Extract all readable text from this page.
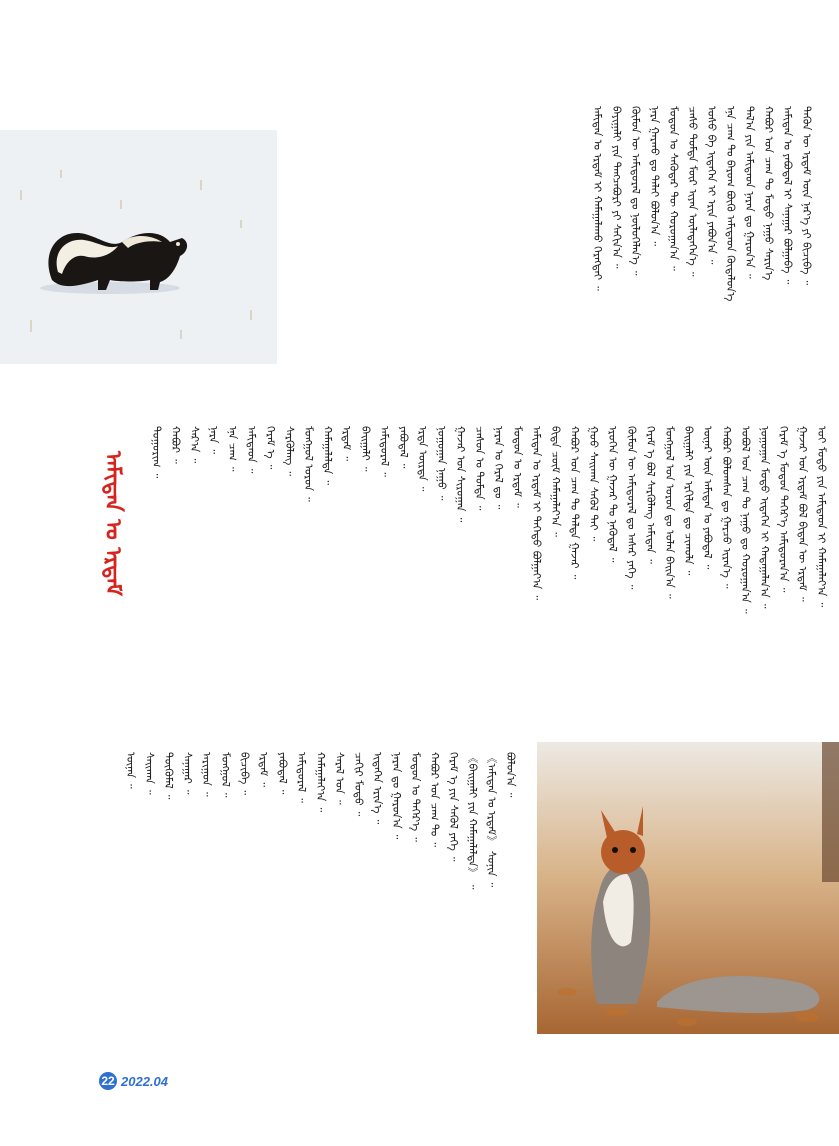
ᠲᠡᠭᠦᠨ ᠦ ᠡᠷᠳᠡᠮ ᠦᠨ ᠨᠡᠷ᠎ᠡ ᠶᠢ ᠪᠢᠴᠢᠪᠡ ᠃
ᠠᠮᠢᠲᠠᠨ ᠤ ᠶᠠᠪᠤᠳᠠᠯ ᠢ ᠰᠠᠨᠠᠭᠠᠷ ᠪᠣᠯᠭᠠᠪᠠ ᠃
ᠬᠠᠪᠤᠷ ᠤᠨ ᠴᠠᠭ ᠲᠤ ᠮᠣᠳᠤ ᠨᠠᠭᠤ ᠰᠡᠷᠢᠨ᠎ᠡ
ᠲᠠᠯ᠎ᠠ ᠶᠢᠨ ᠠᠮᠢᠲᠠᠳ ᠨᠠᠷᠠᠨ ᠳᠤ ᠭᠠᠷᠤᠨ᠎ᠠ ᠃
ᠡᠨᠡ ᠴᠠᠭ ᠲᠤ ᠪᠠᠷᠤᠭ ᠪᠦᠬᠦ ᠠᠮᠢᠲᠠᠳ ᠬᠦᠳᠡᠯᠦᠨ᠎ᠡ
ᠤᠰᠤ ᠪᠠ ᠢᠳᠡᠭᠡᠨ ᠢ ᠡᠷᠢᠨ ᠶᠠᠪᠤᠨ᠎ᠠ ᠃
ᠴᠠᠰᠤ ᠳᠤᠮᠳᠠ ᠮᠥᠷ ᠢᠶᠡᠨ ᠦᠯᠡᠳᠡᠭᠡᠨ᠎ᠡ ᠃
ᠮᠣᠳᠤᠨ ᠤ ᠰᠡᠭᠦᠳᠡᠷ ᠲᠦ ᠬᠣᠷᠣᠭᠠᠨ᠎ᠠ ᠃
ᠨᠠᠷᠠ ᠭᠠᠷᠬᠤ ᠳᠤ ᠳᠠᠯᠠᠢ ᠪᠣᠯᠤᠨ᠎ᠠ ᠃
ᠬᠦᠮᠦᠨ ᠦ ᠠᠮᠢᠳᠤᠷᠠᠯ ᠳᠤ ᠨᠥᠯᠦᠭᠡᠯᠡᠨ᠎ᠡ ᠃
ᠪᠠᠶᠢᠭᠠᠯᠢ ᠶᠢᠨ ᠲᠡᠩᠴᠡᠪᠦᠷᠢ ᠶᠢ ᠰᠠᠬᠢᠨ᠎ᠠ ᠃
ᠠᠮᠢᠲᠠᠨ ᠤ ᠡᠷᠲᠡᠮ ᠢ ᠬᠠᠮᠠᠭᠠᠯᠠᠬᠤ ᠬᠡᠷᠡᠭᠲᠡᠢ ᠃
ᠠᠮᠢᠲᠠᠨ ᠤ ᠡᠷᠲᠡᠮ	ᠣᠢ ᠮᠣᠳᠤ ᠶᠢᠨ ᠠᠮᠢᠲᠠᠳ ᠢ ᠬᠠᠮᠠᠭᠠᠯᠠᠶ᠎ᠠ ᠃
ᠭᠠᠵᠠᠷ ᠤᠨ ᠡᠷᠲᠡᠮ ᠪᠣᠯ ᠪᠢᠳᠡᠨ ᠦ ᠡᠷᠲᠡᠮ ᠃
ᠬᠡᠷᠡᠮ ᠡ ᠮᠣᠳᠤᠨ ᠳᠡᠭᠡᠷ᠎ᠡ ᠠᠮᠢᠳᠤᠷᠠᠨ᠎ᠠ ᠃
ᠨᠣᠭᠤᠭᠠᠨ ᠮᠣᠳᠤ ᠢᠳᠡᠭᠡᠨ ᠢ ᠬᠠᠳᠠᠭᠠᠯᠠᠨ᠎ᠠ ᠃
ᠤᠪᠤᠯ ᠤᠨ ᠴᠠᠭ ᠲᠤ ᠨᠠᠭᠤ ᠳᠤ ᠬᠣᠷᠣᠭᠠᠨ᠎ᠠ ᠃
ᠬᠠᠪᠤᠷ ᠪᠣᠯᠤᠭᠰᠠᠨ ᠳᠤ ᠭᠠᠷᠴᠤ ᠢᠷᠡᠨ᠎ᠡ ᠃
ᠦᠨᠡᠷ ᠦᠨ ᠠᠮᠢᠲᠠᠨ ᠤ ᠶᠠᠪᠤᠳᠠᠯ ᠃
ᠪᠠᠢᠭᠠᠯᠢ ᠶᠢᠨ ᠡᠷᠭᠢᠯᠲᠡ ᠳᠤ ᠴᠢᠬᠤᠯᠠ ᠃
ᠮᠣᠩᠭᠣᠯ ᠤᠨ ᠣᠷᠣᠨ ᠳᠤ ᠣᠯᠠᠨ ᠪᠠᠢᠨ᠎ᠠ ᠃
ᠬᠡᠷᠡᠮ ᠡ ᠪᠣᠯ ᠰᠡᠷᠭᠦᠯᠡᠩ ᠠᠮᠢᠲᠠᠨ ᠃
ᠬᠦᠮᠦᠨ ᠦ ᠠᠮᠢᠳᠤᠷᠠᠯ ᠳᠤ ᠠᠰᠠᠷ ᠶᠡᠬᠡ ᠃
ᠡᠷᠦᠬᠡᠨ ᠦ ᠭᠠᠵᠠᠷ ᠲᠤ ᠨᠡᠭᠦᠳᠡᠯ ᠃
ᠭᠣᠣ ᠰᠠᠢᠬᠠᠨ ᠰᠡᠭᠦᠯ ᠲᠡᠢ ᠃
ᠬᠠᠪᠤᠷ ᠤᠨ ᠴᠠᠭ ᠲᠤ ᠳᠠᠯᠳᠠ ᠭᠠᠵᠠᠷ ᠃
ᠪᠢᠳᠡ ᠴᠦᠮ ᠬᠠᠮᠠᠭᠠᠯᠠᠶ᠎ᠠ ᠃
ᠠᠮᠢᠲᠠᠨ ᠤ ᠡᠷᠲᠡᠮ ᠢ ᠳᠡᠭᠡᠳᠦ ᠪᠣᠯᠭᠠᠶ᠎ᠠ ᠃
ᠮᠣᠳᠤᠨ ᠤ ᠡᠷᠲᠡᠮ ᠃
ᠨᠠᠷᠠᠨ ᠤ ᠭᠡᠷᠡᠯ ᠳᠤ ᠃
ᠴᠠᠰᠤᠨ ᠤ ᠳᠤᠮᠳᠠ ᠃
ᠭᠠᠵᠠᠷ ᠤᠨ ᠰᠢᠷᠤᠭᠠᠨ ᠃
ᠨᠣᠭᠤᠭᠠᠨ ᠨᠠᠭᠤ ᠃
ᠡᠷᠲᠡ ᠦᠷᠲᠡ ᠃
ᠶᠠᠪᠤᠳᠠᠯ ᠃
ᠠᠮᠢᠳᠤᠷᠠᠯ ᠃
ᠪᠠᠢᠭᠠᠯᠢ ᠃
ᠡᠷᠲᠡᠮ ᠃
ᠬᠠᠮᠠᠭᠠᠯᠠᠯᠲᠠ ᠃
ᠮᠣᠩᠭᠣᠯ ᠣᠷᠣᠨ ᠃
ᠰᠡᠷᠭᠦᠯᠡᠩ ᠃
ᠬᠡᠷᠡᠮ ᠡ ᠃
ᠠᠮᠢᠲᠠᠳ ᠃
ᠡᠨᠡ ᠴᠠᠭ ᠃
ᠨᠠᠷᠠ ᠃
ᠰᠠᠷ᠎ᠠ ᠃
ᠬᠠᠪᠤᠷ ᠃
ᠲᠣᠭᠤᠷᠢᠭ ᠃
ᠪᠣᠯᠤᠨ᠎ᠠ ᠃
《ᠠᠮᠢᠲᠠᠨ ᠤ ᠡᠷᠲᠡᠮ》 ᠰᠣᠨᠢᠨ ᠃
《ᠪᠠᠢᠭᠠᠯᠢ ᠶᠢᠨ ᠬᠠᠮᠠᠭᠠᠯᠠᠯᠲᠠ》 ᠃
ᠬᠡᠷᠡᠮ ᠡ ᠶᠢᠨ ᠰᠡᠭᠦᠯ ᠶᠡᠬᠡ ᠃
ᠬᠠᠪᠤᠷ ᠤᠨ ᠴᠠᠭ ᠲᠤ ᠃
ᠮᠣᠳᠤᠨ ᠤ ᠳᠡᠭᠡᠷ᠎ᠡ ᠃
ᠨᠠᠷᠠᠨ ᠳᠤ ᠭᠠᠷᠤᠨ᠎ᠠ ᠃
ᠢᠳᠡᠭᠡᠨ ᠡᠷᠢᠨ᠎ᠡ ᠃
ᠴᠠᠬᠢᠷ ᠮᠣᠳᠤ ᠃
ᠰᠠᠷᠠᠯ ᠤᠨ ᠃
ᠬᠠᠮᠠᠭᠠᠯᠠᠶ᠎ᠠ ᠃
ᠠᠮᠢᠳᠤᠷᠠᠯ ᠃
ᠶᠠᠪᠤᠳᠠᠯ ᠃
ᠡᠷᠲᠡᠮ ᠃
ᠪᠢᠴᠢᠪᠡ ᠃
ᠮᠣᠩᠭᠣᠯ ᠃
ᠠᠷᠢᠭᠤᠨ ᠃
ᠰᠠᠨᠠᠭᠠᠷ ᠃
ᠲᠦᠭᠦᠮᠡᠯ ᠃
ᠰᠠᠢᠬᠠᠨ ᠃
ᠦᠨᠡᠨ ᠃
22 2022.04
